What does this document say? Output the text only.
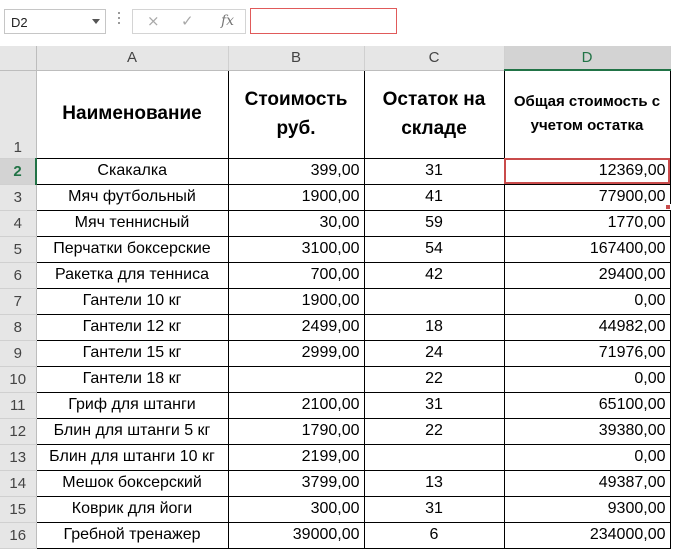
D2	× ✓ fx
	A	B	C	D
1	Наименование	Стоимость руб.	Остаток на складе	Общая стоимость с учетом остатка
2	Скакалка	399,00	31	12369,00
3	Мяч футбольный	1900,00	41	77900,00
4	Мяч теннисный	30,00	59	1770,00
5	Перчатки боксерские	3100,00	54	167400,00
6	Ракетка для тенниса	700,00	42	29400,00
7	Гантели 10 кг	1900,00		0,00
8	Гантели 12 кг	2499,00	18	44982,00
9	Гантели 15 кг	2999,00	24	71976,00
10	Гантели 18 кг		22	0,00
11	Гриф для штанги	2100,00	31	65100,00
12	Блин для штанги 5 кг	1790,00	22	39380,00
13	Блин для штанги 10 кг	2199,00		0,00
14	Мешок боксерский	3799,00	13	49387,00
15	Коврик для йоги	300,00	31	9300,00
16	Гребной тренажер	39000,00	6	234000,00
